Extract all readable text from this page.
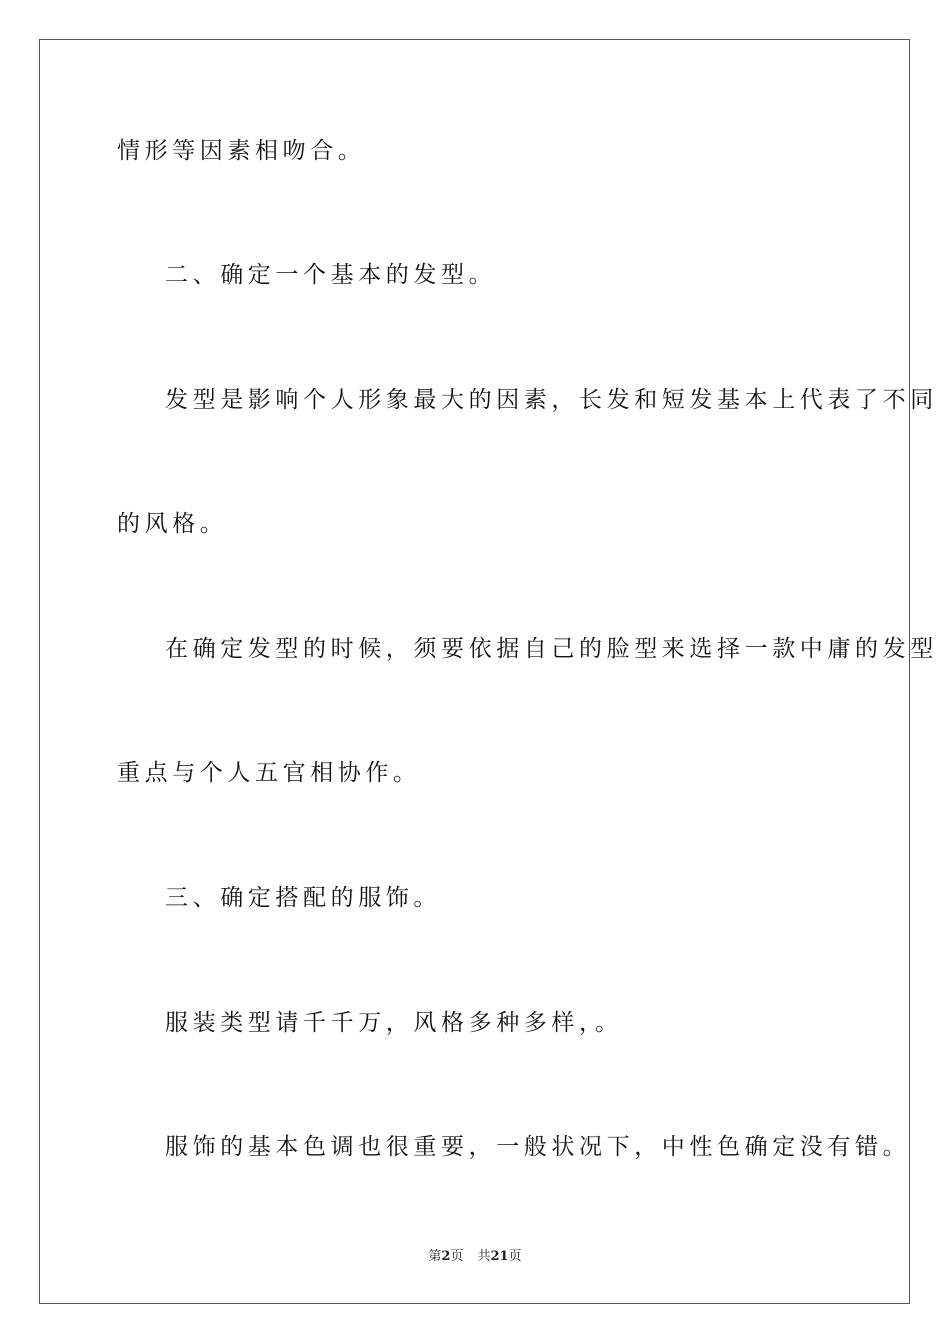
情形等因素相吻合。
二、确定一个基本的发型。
发型是影响个人形象最大的因素，长发和短发基本上代表了不同
的风格。
在确定发型的时候，须要依据自己的脸型来选择一款中庸的发型
重点与个人五官相协作。
三、确定搭配的服饰。
服装类型请千千万，风格多种多样，。
服饰的基本色调也很重要，一般状况下，中性色确定没有错。
第2页 共21页
